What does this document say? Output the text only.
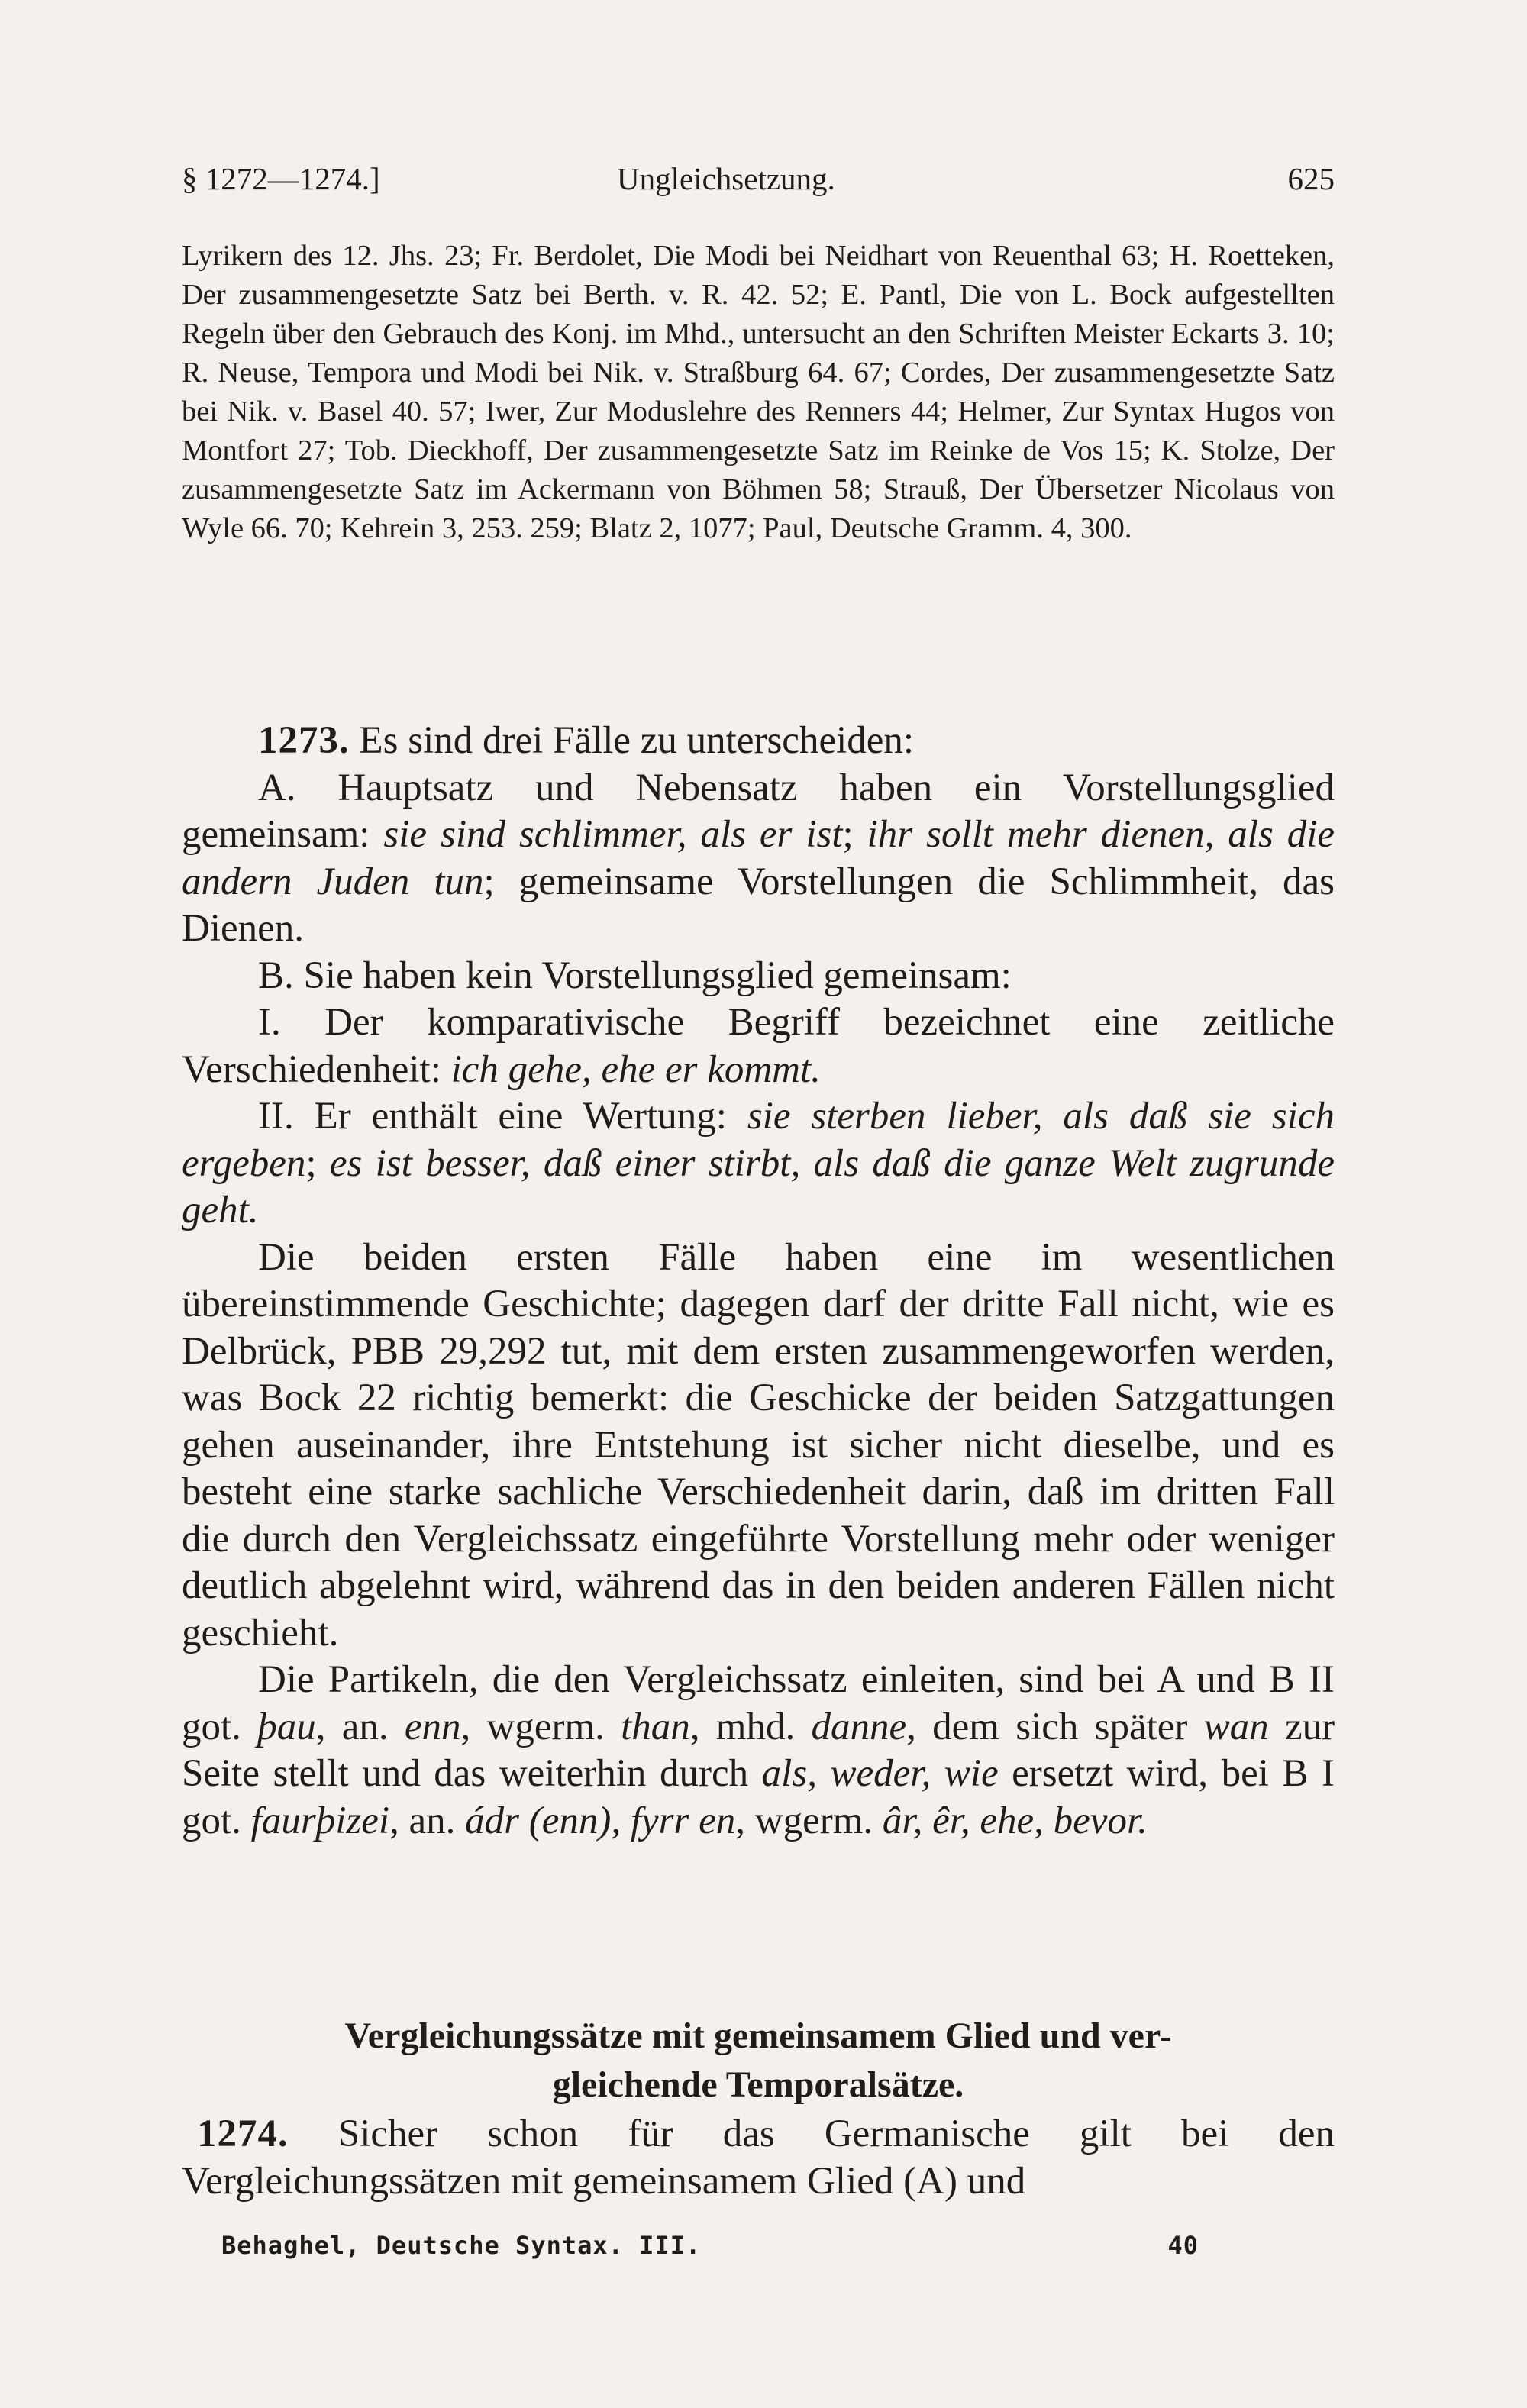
§ 1272—1274.]	Ungleichsetzung.	625

Lyrikern des 12. Jhs. 23; Fr. Berdolet, Die Modi bei Neidhart von Reuenthal 63; H. Roetteken, Der zusammengesetzte Satz bei Berth. v. R. 42. 52; E. Pantl, Die von L. Bock aufgestellten Regeln über den Gebrauch des Konj. im Mhd., untersucht an den Schriften Meister Eckarts 3. 10; R. Neuse, Tempora und Modi bei Nik. v. Straßburg 64. 67; Cordes, Der zusammengesetzte Satz bei Nik. v. Basel 40. 57; Iwer, Zur Moduslehre des Renners 44; Helmer, Zur Syntax Hugos von Montfort 27; Tob. Dieckhoff, Der zusammengesetzte Satz im Reinke de Vos 15; K. Stolze, Der zusammengesetzte Satz im Ackermann von Böhmen 58; Strauß, Der Übersetzer Nicolaus von Wyle 66. 70; Kehrein 3, 253. 259; Blatz 2, 1077; Paul, Deutsche Gramm. 4, 300.

1273. Es sind drei Fälle zu unterscheiden:

A. Hauptsatz und Nebensatz haben ein Vorstellungsglied gemeinsam: sie sind schlimmer, als er ist; ihr sollt mehr dienen, als die andern Juden tun; gemeinsame Vorstellungen die Schlimmheit, das Dienen.

B. Sie haben kein Vorstellungsglied gemeinsam:

I. Der komparativische Begriff bezeichnet eine zeitliche Verschiedenheit: ich gehe, ehe er kommt.

II. Er enthält eine Wertung: sie sterben lieber, als daß sie sich ergeben; es ist besser, daß einer stirbt, als daß die ganze Welt zugrunde geht.

Die beiden ersten Fälle haben eine im wesentlichen übereinstimmende Geschichte; dagegen darf der dritte Fall nicht, wie es Delbrück, PBB 29,292 tut, mit dem ersten zusammengeworfen werden, was Bock 22 richtig bemerkt: die Geschicke der beiden Satzgattungen gehen auseinander, ihre Entstehung ist sicher nicht dieselbe, und es besteht eine starke sachliche Verschiedenheit darin, daß im dritten Fall die durch den Vergleichssatz eingeführte Vorstellung mehr oder weniger deutlich abgelehnt wird, während das in den beiden anderen Fällen nicht geschieht.

Die Partikeln, die den Vergleichssatz einleiten, sind bei A und B II got. þau, an. enn, wgerm. than, mhd. danne, dem sich später wan zur Seite stellt und das weiterhin durch als, weder, wie ersetzt wird, bei B I got. faurþizei, an. ádr (enn), fyrr en, wgerm. âr, êr, ehe, bevor.

Vergleichungssätze mit gemeinsamem Glied und ver-

gleichende Temporalsätze.

1274. Sicher schon für das Germanische gilt bei den Vergleichungssätzen mit gemeinsamem Glied (A) und

Behaghel, Deutsche Syntax. III.	40
